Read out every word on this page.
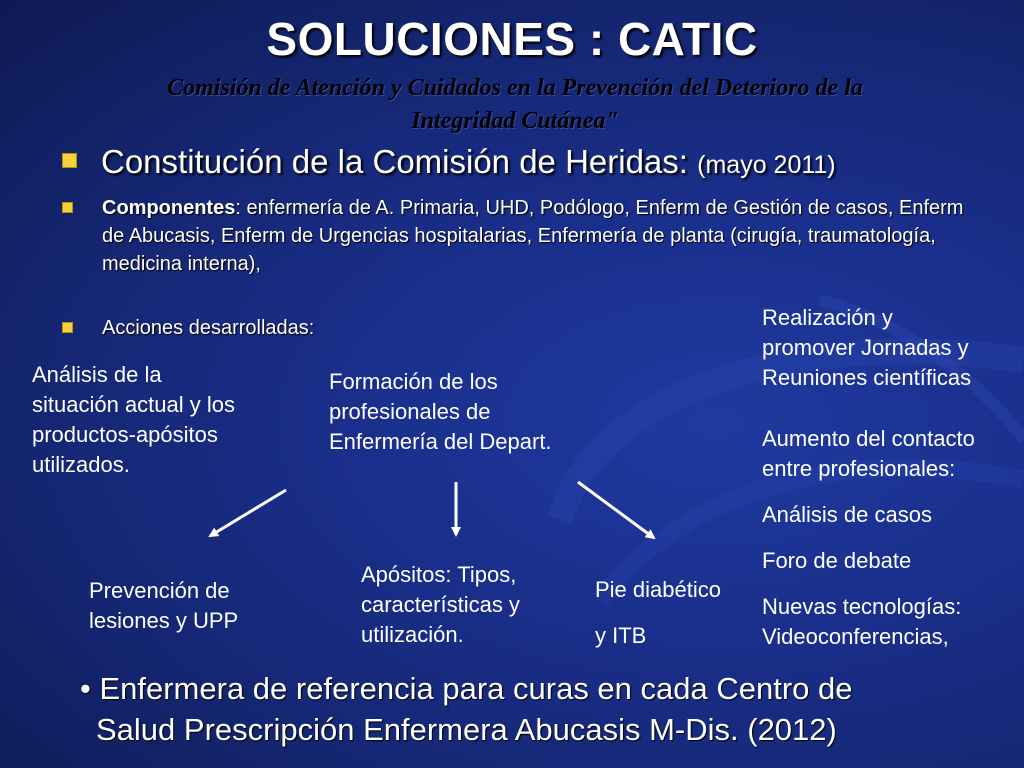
SOLUCIONES : CATIC
Comisión de Atención y Cuidados en la Prevención del Deterioro de la
Integridad Cutánea"
Constitución de la Comisión de Heridas: (mayo 2011)
Componentes: enfermería de A. Primaria, UHD, Podólogo, Enferm de Gestión de casos, Enferm de Abucasis, Enferm de Urgencias hospitalarias, Enfermería de planta (cirugía, traumatología, medicina interna),
Acciones desarrolladas:
Análisis de la
situación actual y los
productos-apósitos
utilizados.
Formación de los
profesionales de
Enfermería del Depart.
Realización y
promover Jornadas y
Reuniones científicas
Aumento del contacto
entre profesionales:
Análisis de casos
Foro de debate
Nuevas tecnologías:
Videoconferencias,
Prevención de
lesiones y UPP
Apósitos: Tipos,
características y
utilización.
Pie diabético
y ITB
• Enfermera de referencia para curas en cada Centro de
Salud Prescripción Enfermera Abucasis M-Dis. (2012)
